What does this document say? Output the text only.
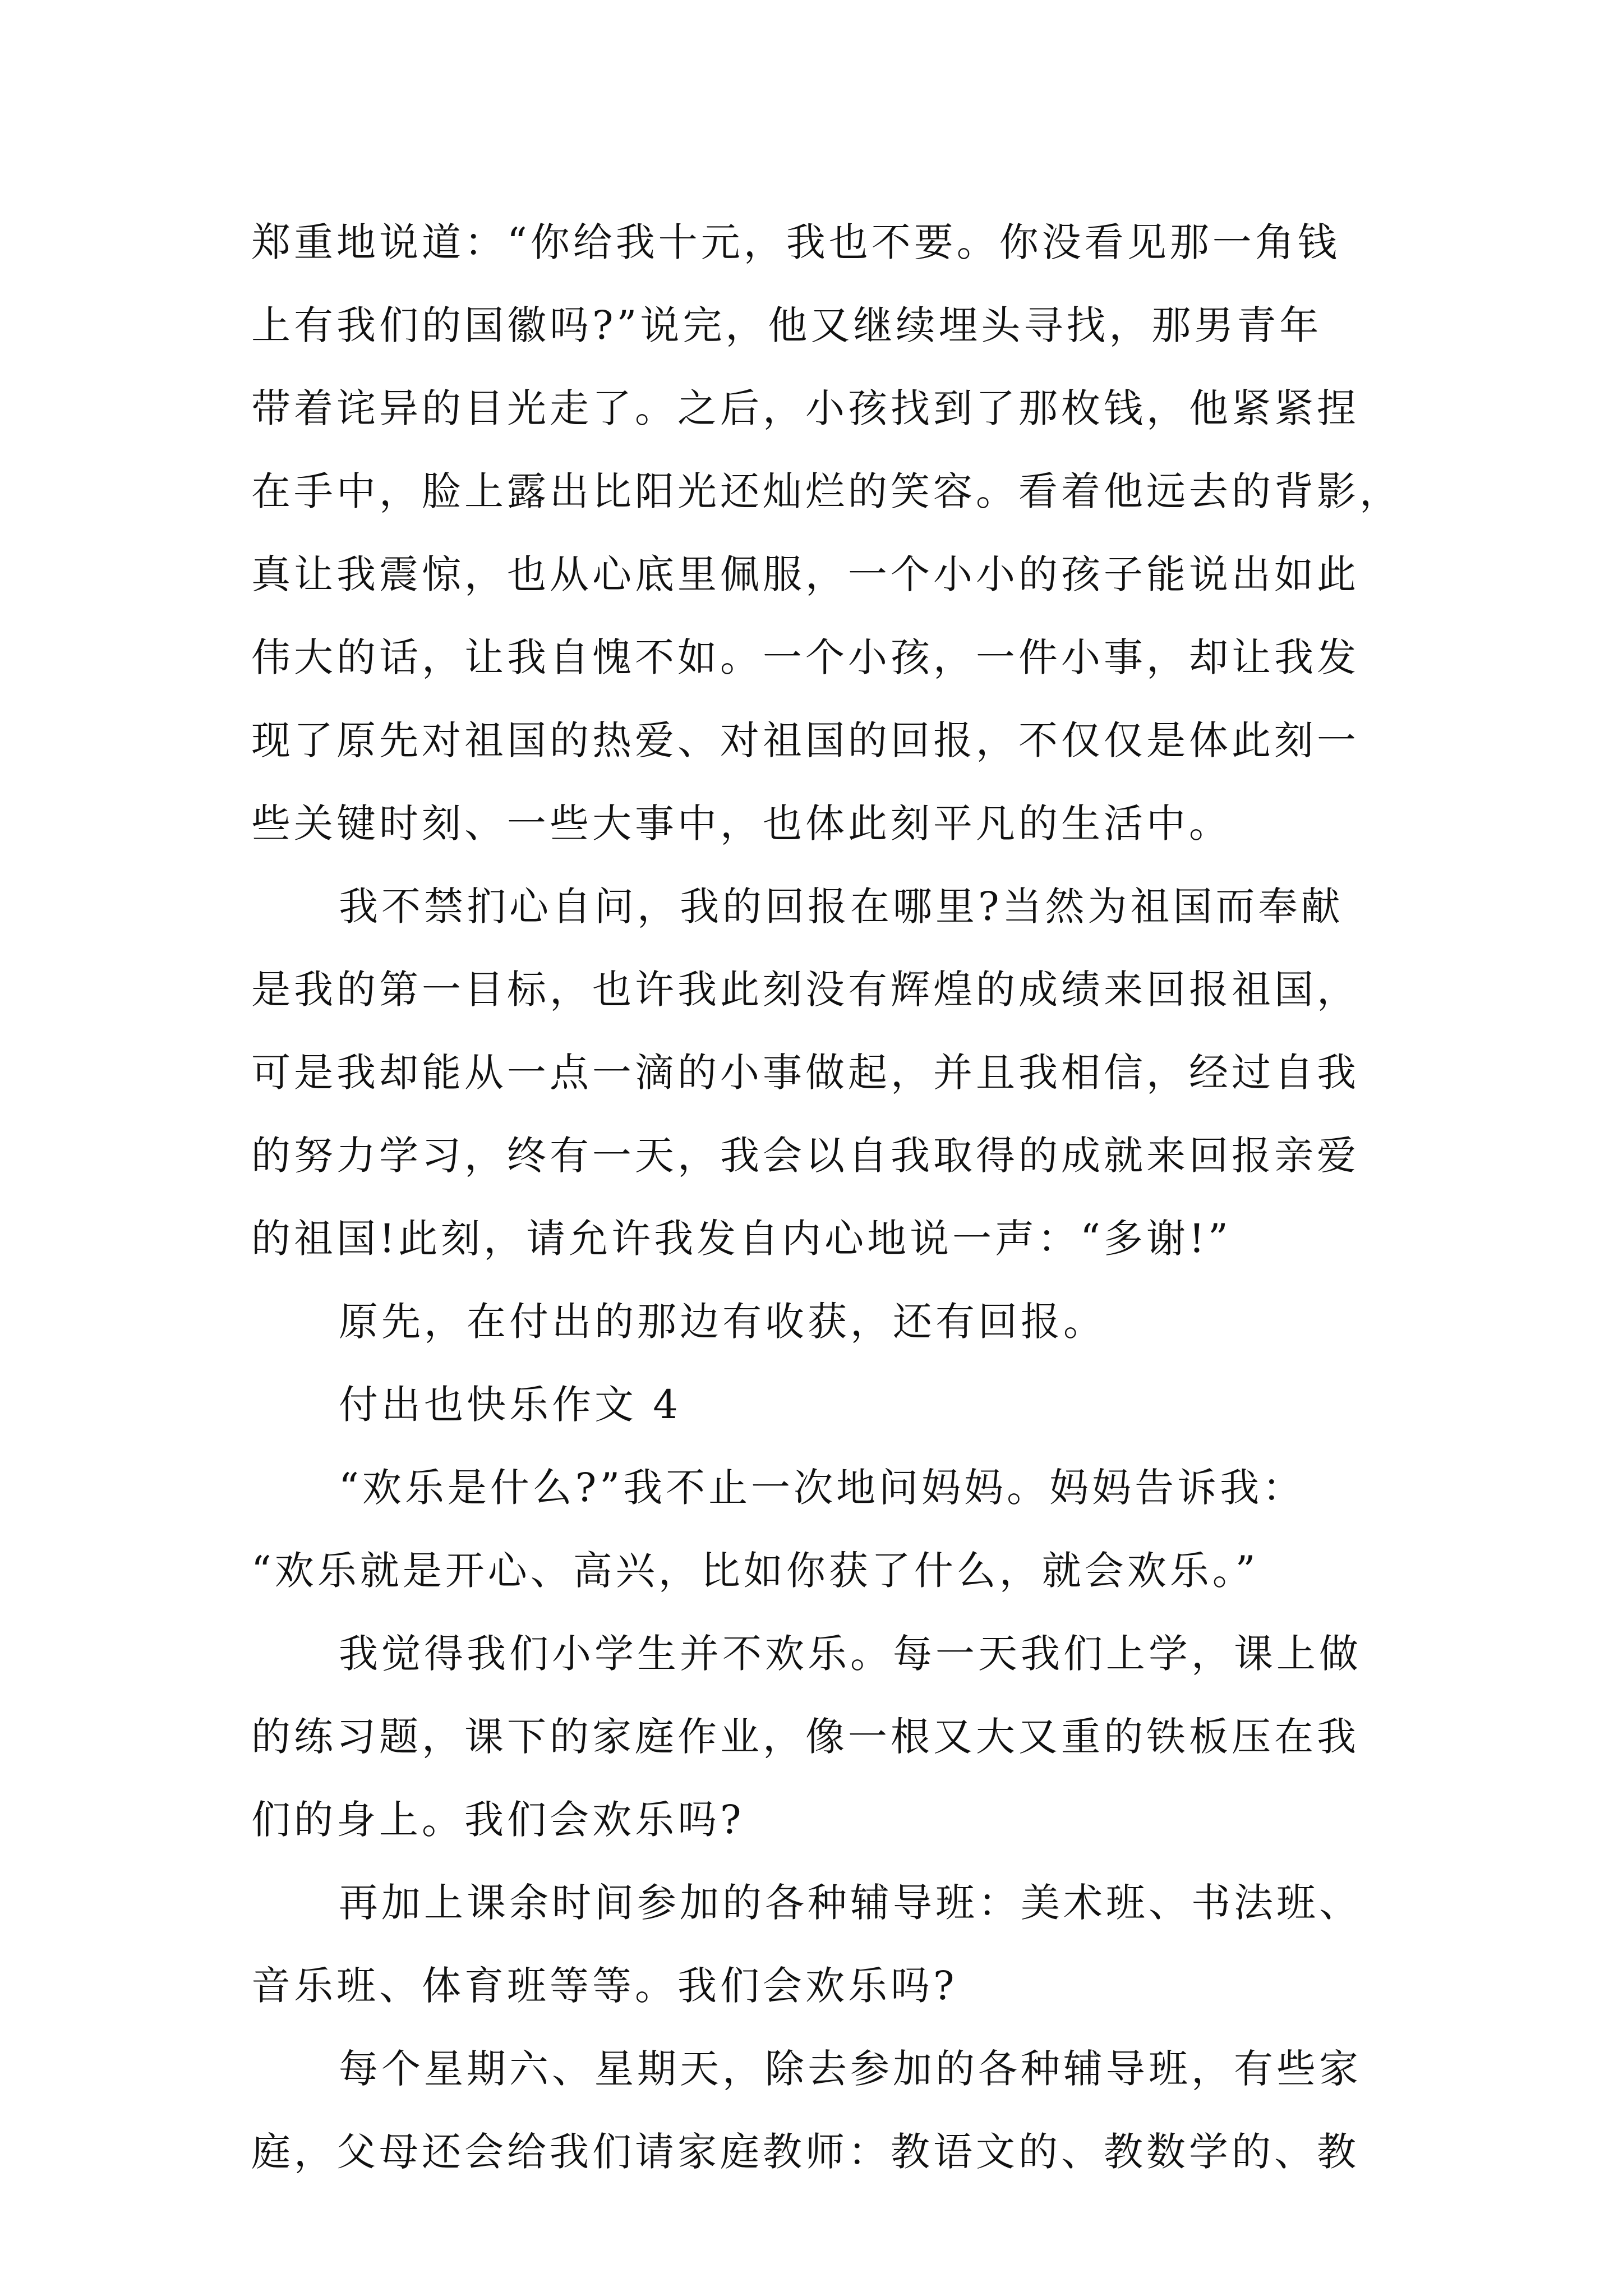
郑重地说道：“你给我十元，我也不要。你没看见那一角钱
上有我们的国徽吗?”说完，他又继续埋头寻找，那男青年
带着诧异的目光走了。之后，小孩找到了那枚钱，他紧紧捏
在手中，脸上露出比阳光还灿烂的笑容。看着他远去的背影，
真让我震惊，也从心底里佩服，一个小小的孩子能说出如此
伟大的话，让我自愧不如。一个小孩，一件小事，却让我发
现了原先对祖国的热爱、对祖国的回报，不仅仅是体此刻一
些关键时刻、一些大事中，也体此刻平凡的生活中。
我不禁扪心自问，我的回报在哪里?当然为祖国而奉献
是我的第一目标，也许我此刻没有辉煌的成绩来回报祖国，
可是我却能从一点一滴的小事做起，并且我相信，经过自我
的努力学习，终有一天，我会以自我取得的成就来回报亲爱
的祖国!此刻，请允许我发自内心地说一声：“多谢!”
原先，在付出的那边有收获，还有回报。
付出也快乐作文 4
“欢乐是什么?”我不止一次地问妈妈。妈妈告诉我：
“欢乐就是开心、高兴，比如你获了什么，就会欢乐。”
我觉得我们小学生并不欢乐。每一天我们上学，课上做
的练习题，课下的家庭作业，像一根又大又重的铁板压在我
们的身上。我们会欢乐吗?
再加上课余时间参加的各种辅导班：美术班、书法班、
音乐班、体育班等等。我们会欢乐吗?
每个星期六、星期天，除去参加的各种辅导班，有些家
庭，父母还会给我们请家庭教师：教语文的、教数学的、教
